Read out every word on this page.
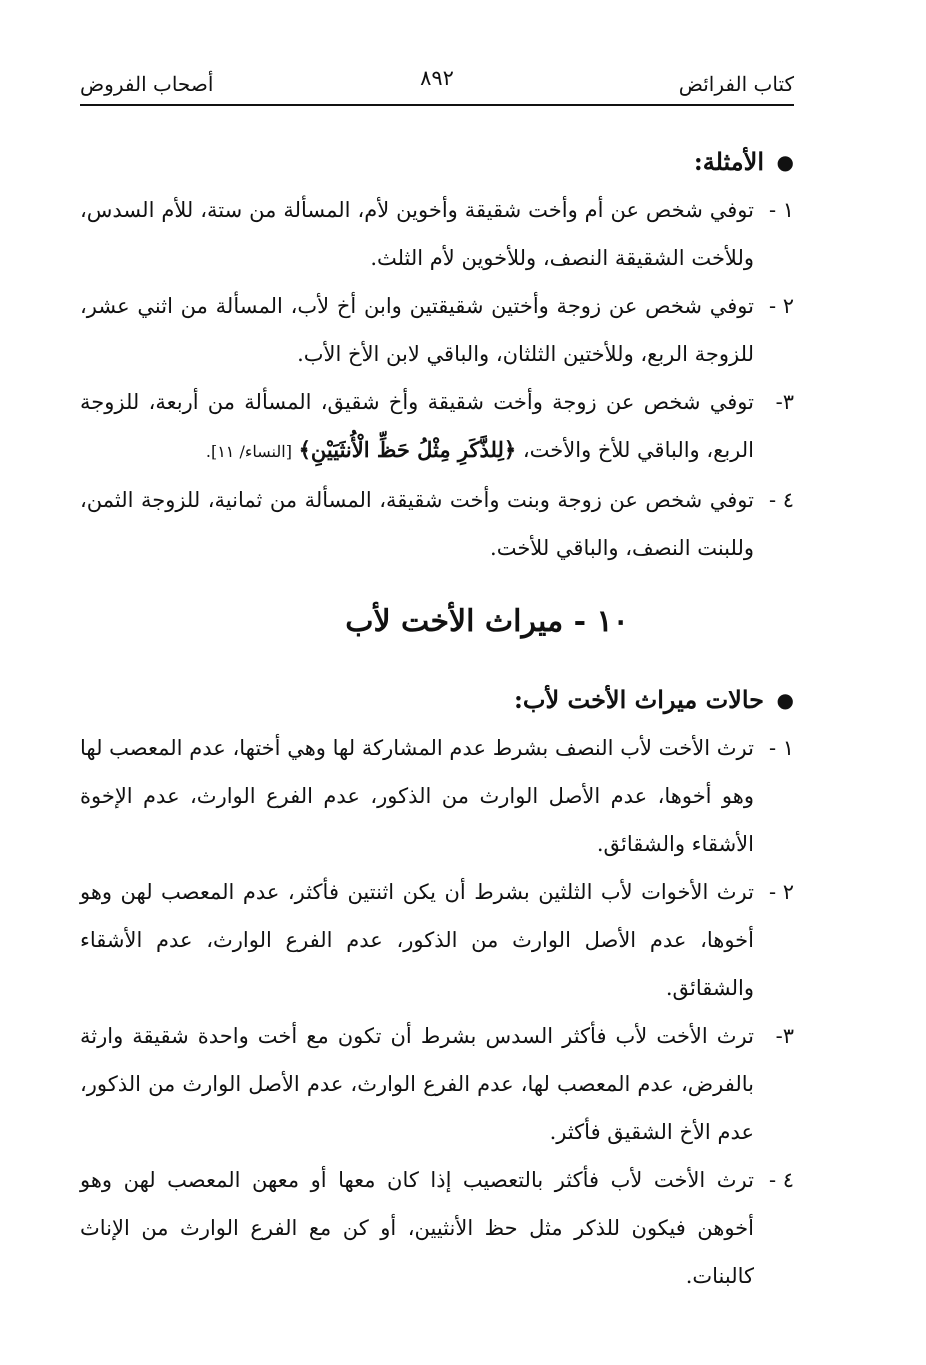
كتاب الفرائض
٨٩٢
أصحاب الفروض
●
الأمثلة:
١ -
توفي شخص عن أم وأخت شقيقة وأخوين لأم، المسألة من ستة، للأم السدس، وللأخت الشقيقة النصف، وللأخوين لأم الثلث.
٢ -
توفي شخص عن زوجة وأختين شقيقتين وابن أخ لأب، المسألة من اثني عشر، للزوجة الربع، وللأختين الثلثان، والباقي لابن الأخ الأب.
٣-
توفي شخص عن زوجة وأخت شقيقة وأخ شقيق، المسألة من أربعة، للزوجة الربع، والباقي للأخ والأخت، ﴿لِلذَّكَرِ مِثْلُ حَظِّ الْأُنثَيَيْنِ﴾ [النساء/ ١١].
٤ -
توفي شخص عن زوجة وبنت وأخت شقيقة، المسألة من ثمانية، للزوجة الثمن، وللبنت النصف، والباقي للأخت.
١٠ - ميراث الأخت لأب
●
حالات ميراث الأخت لأب:
١ -
ترث الأخت لأب النصف بشرط عدم المشاركة لها وهي أختها، عدم المعصب لها وهو أخوها، عدم الأصل الوارث من الذكور، عدم الفرع الوارث، عدم الإخوة الأشقاء والشقائق.
٢ -
ترث الأخوات لأب الثلثين بشرط أن يكن اثنتين فأكثر، عدم المعصب لهن وهو أخوها، عدم الأصل الوارث من الذكور، عدم الفرع الوارث، عدم الأشقاء والشقائق.
٣-
ترث الأخت لأب فأكثر السدس بشرط أن تكون مع أخت واحدة شقيقة وارثة بالفرض، عدم المعصب لها، عدم الفرع الوارث، عدم الأصل الوارث من الذكور، عدم الأخ الشقيق فأكثر.
٤ -
ترث الأخت لأب فأكثر بالتعصيب إذا كان معها أو معهن المعصب لهن وهو أخوهن فيكون للذكر مثل حظ الأنثيين، أو كن مع الفرع الوارث من الإناث كالبنات.
